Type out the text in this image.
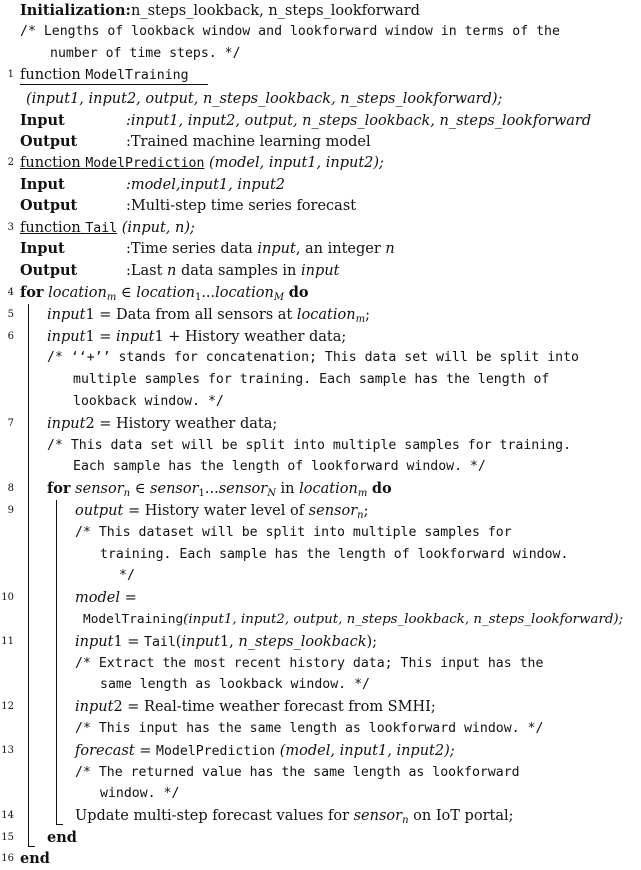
Initialization: n_steps_lookback, n_steps_lookforward
/* Lengths of lookback window and lookforward window in terms of the
number of time steps. */
1 function ModelTraining
(input1, input2, output, n_steps_lookback, n_steps_lookforward);
Input	:input1, input2, output, n_steps_lookback, n_steps_lookforward
Output	:Trained machine learning model
2 function ModelPrediction (model, input1, input2);
Input	:model,input1, input2
Output	:Multi-step time series forecast
3 function Tail (input, n);
Input	:Time series data input, an integer n
Output	:Last n data samples in input
4 for location$_m$ ∈ location$_1$...location$_M$ do
5 input1 = Data from all sensors at location$_m$;
6 input1 = input1 + History weather data;
/* ‘‘+’’ stands for concatenation; This data set will be split into
multiple samples for training. Each sample has the length of
lookback window. */
7 input2 = History weather data;
/* This data set will be split into multiple samples for training.
Each sample has the length of lookforward window. */
8 for sensor$_n$ ∈ sensor$_1$...sensor$_N$ in location$_m$ do
9	output = History water level of sensor$_n$;
/* This dataset will be split into multiple samples for
training. Each sample has the length of lookforward window.
*/
10	model =
ModelTraining(input1, input2, output, n_steps_lookback, n_steps_lookforward);
11	input1 = Tail(input1, n_steps_lookback);
/* Extract the most recent history data; This input has the
same length as lookback window. */
12	input2 = Real-time weather forecast from SMHI;
/* This input has the same length as lookforward window. */
13	forecast = ModelPrediction (model, input1, input2);
/* The returned value has the same length as lookforward
window. */
14	Update multi-step forecast values for sensor$_n$ on IoT portal;
15 end
16 end
